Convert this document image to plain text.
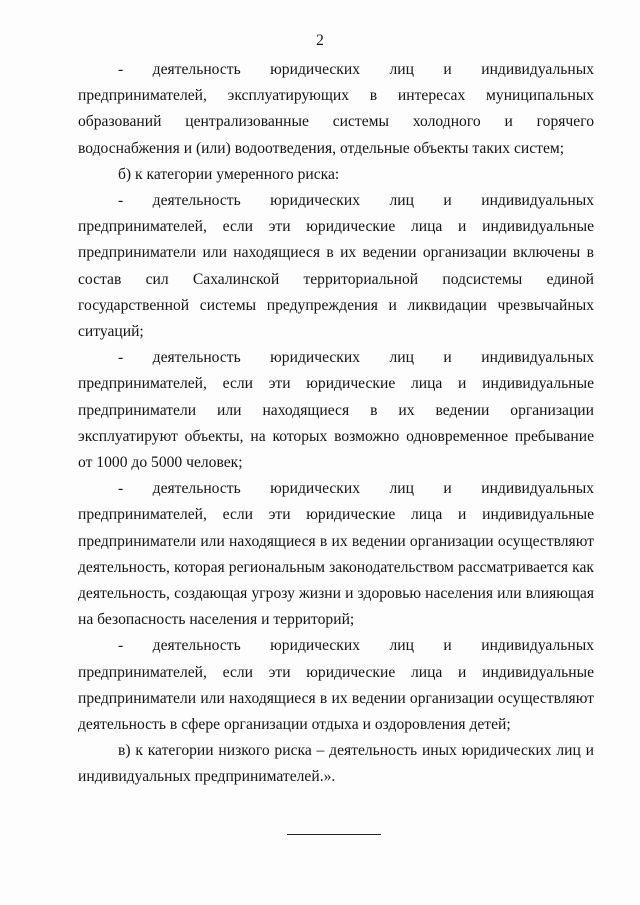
2

- деятельность юридических лиц и индивидуальных предпринимателей, эксплуатирующих в интересах муниципальных образований централизованные системы холодного и горячего водоснабжения и (или) водоотведения, отдельные объекты таких систем;

б) к категории умеренного риска:

- деятельность юридических лиц и индивидуальных предпринимателей, если эти юридические лица и индивидуальные предприниматели или находящиеся в их ведении организации включены в состав сил Сахалинской территориальной подсистемы единой государственной системы предупреждения и ликвидации чрезвычайных ситуаций;

- деятельность юридических лиц и индивидуальных предпринимателей, если эти юридические лица и индивидуальные предприниматели или находящиеся в их ведении организации эксплуатируют объекты, на которых возможно одновременное пребывание от 1000 до 5000 человек;

- деятельность юридических лиц и индивидуальных предпринимателей, если эти юридические лица и индивидуальные предприниматели или находящиеся в их ведении организации осуществляют деятельность, которая региональным законодательством рассматривается как деятельность, создающая угрозу жизни и здоровью населения или влияющая на безопасность населения и территорий;

- деятельность юридических лиц и индивидуальных предпринимателей, если эти юридические лица и индивидуальные предприниматели или находящиеся в их ведении организации осуществляют деятельность в сфере организации отдыха и оздоровления детей;

в) к категории низкого риска – деятельность иных юридических лиц и индивидуальных предпринимателей.».
